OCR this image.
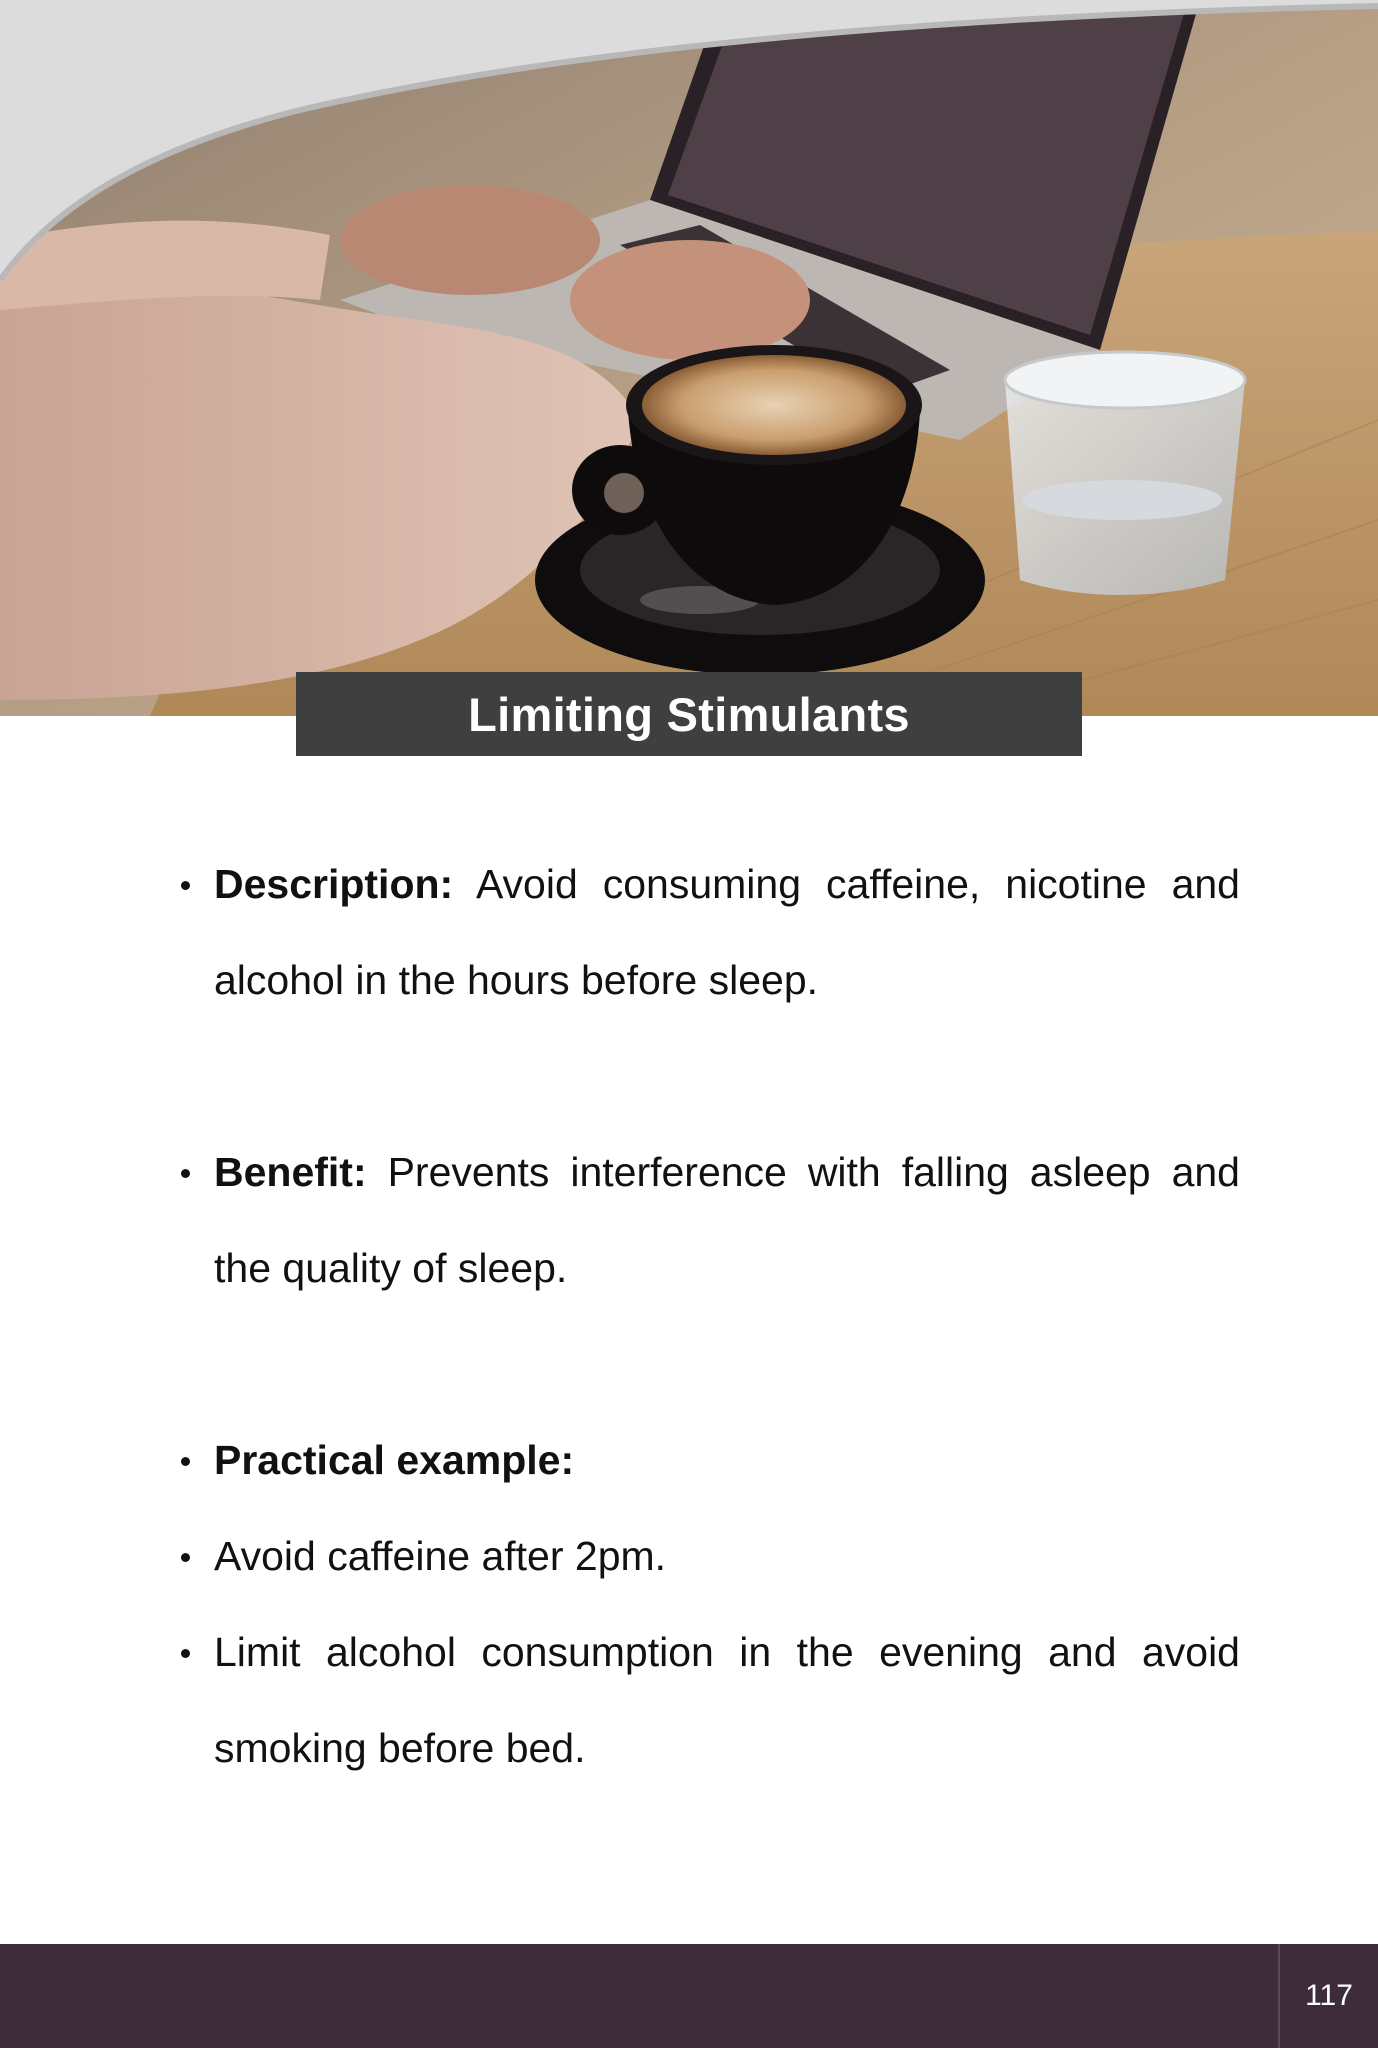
Limiting Stimulants
Description: Avoid consuming caffeine, nicotine and alcohol in the hours before sleep.
Benefit: Prevents interference with falling asleep and the quality of sleep.
Practical example:
Avoid caffeine after 2pm.
Limit alcohol consumption in the evening and avoid smoking before bed.
117
